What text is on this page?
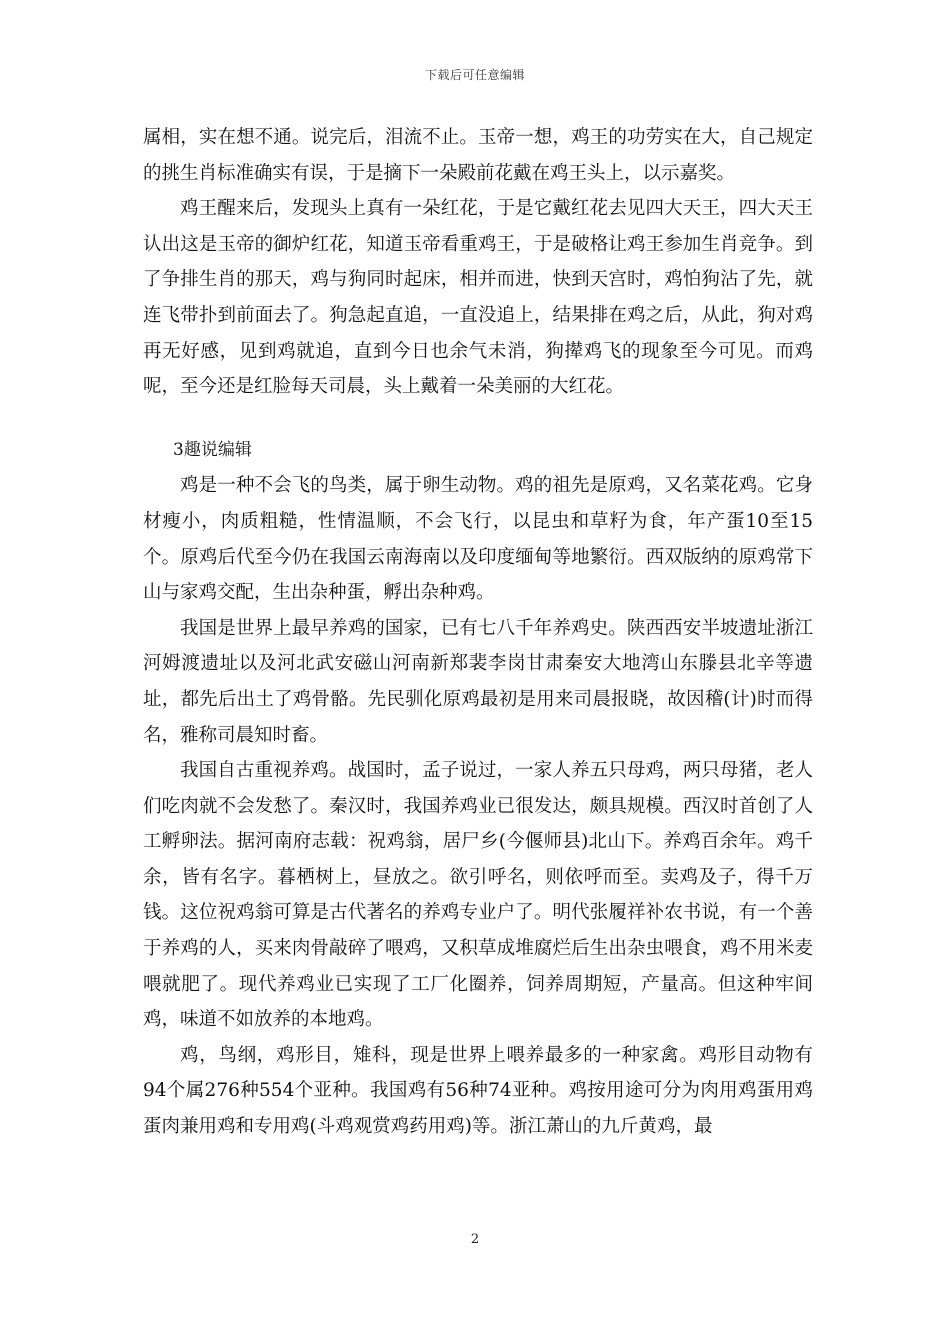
下载后可任意编辑

属相，实在想不通。说完后，泪流不止。玉帝一想，鸡王的功劳实在大，自己规定的挑生肖标准确实有误，于是摘下一朵殿前花戴在鸡王头上，以示嘉奖。

鸡王醒来后，发现头上真有一朵红花，于是它戴红花去见四大天王，四大天王认出这是玉帝的御炉红花，知道玉帝看重鸡王，于是破格让鸡王参加生肖竞争。到了争排生肖的那天，鸡与狗同时起床，相并而进，快到天宫时，鸡怕狗沾了先，就连飞带扑到前面去了。狗急起直追，一直没追上，结果排在鸡之后，从此，狗对鸡再无好感，见到鸡就追，直到今日也余气未消，狗撵鸡飞的现象至今可见。而鸡呢，至今还是红脸每天司晨，头上戴着一朵美丽的大红花。

3趣说编辑

鸡是一种不会飞的鸟类，属于卵生动物。鸡的祖先是原鸡，又名菜花鸡。它身材瘦小，肉质粗糙，性情温顺，不会飞行，以昆虫和草籽为食，年产蛋10至15个。原鸡后代至今仍在我国云南海南以及印度缅甸等地繁衍。西双版纳的原鸡常下山与家鸡交配，生出杂种蛋，孵出杂种鸡。

我国是世界上最早养鸡的国家，已有七八千年养鸡史。陕西西安半坡遗址浙江河姆渡遗址以及河北武安磁山河南新郑裴李岗甘肃秦安大地湾山东滕县北辛等遗址，都先后出土了鸡骨骼。先民驯化原鸡最初是用来司晨报晓，故因稽(计)时而得名，雅称司晨知时畜。

我国自古重视养鸡。战国时，孟子说过，一家人养五只母鸡，两只母猪，老人们吃肉就不会发愁了。秦汉时，我国养鸡业已很发达，颇具规模。西汉时首创了人工孵卵法。据河南府志载：祝鸡翁，居尸乡(今偃师县)北山下。养鸡百余年。鸡千余，皆有名字。暮栖树上，昼放之。欲引呼名，则依呼而至。卖鸡及子，得千万钱。这位祝鸡翁可算是古代著名的养鸡专业户了。明代张履祥补农书说，有一个善于养鸡的人，买来肉骨敲碎了喂鸡，又积草成堆腐烂后生出杂虫喂食，鸡不用米麦喂就肥了。现代养鸡业已实现了工厂化圈养，饲养周期短，产量高。但这种牢间鸡，味道不如放养的本地鸡。

鸡，鸟纲，鸡形目，雉科，现是世界上喂养最多的一种家禽。鸡形目动物有94个属276种554个亚种。我国鸡有56种74亚种。鸡按用途可分为肉用鸡蛋用鸡蛋肉兼用鸡和专用鸡(斗鸡观赏鸡药用鸡)等。浙江萧山的九斤黄鸡，最

2
